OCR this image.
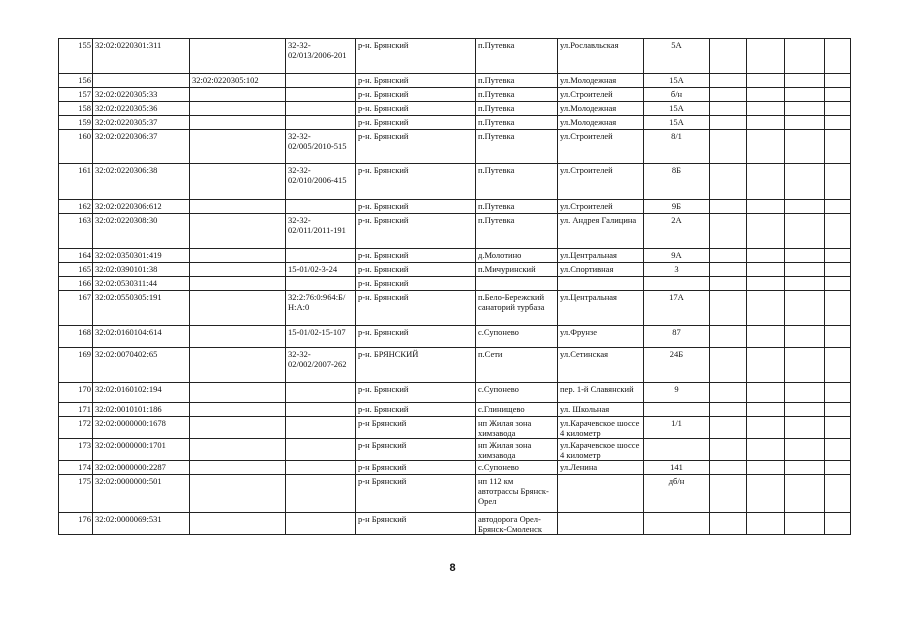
155	32:02:0220301:311		32-32-02/013/2006-201	р-н. Брянский	п.Путевка	ул.Рославльская	5А				
156		32:02:0220305:102		р-н. Брянский	п.Путевка	ул.Молодежная	15А				
157	32:02:0220305:33			р-н. Брянский	п.Путевка	ул.Строителей	б/н				
158	32:02:0220305:36			р-н. Брянский	п.Путевка	ул.Молодежная	15А				
159	32:02:0220305:37			р-н. Брянский	п.Путевка	ул.Молодежная	15А				
160	32:02:0220306:37		32-32-02/005/2010-515	р-н. Брянский	п.Путевка	ул.Строителей	8/1				
161	32:02:0220306:38		32-32-02/010/2006-415	р-н. Брянский	п.Путевка	ул.Строителей	8Б				
162	32:02:0220306:612			р-н. Брянский	п.Путевка	ул.Строителей	9Б				
163	32:02:0220308:30		32-32-02/011/2011-191	р-н. Брянский	п.Путевка	ул. Андрея Галицина	2А				
164	32:02:0350301:419			р-н. Брянский	д.Молотино	ул.Центральная	9А				
165	32:02:0390101:38		15-01/02-3-24	р-н. Брянский	п.Мичуринский	ул.Спортивная	3				
166	32:02:0530311:44			р-н. Брянский							
167	32:02:0550305:191		32:2:76:0:964:Б/Н:А:0	р-н. Брянский	п.Бело-Бережский санаторий турбаза	ул.Центральная	17А				
168	32:02:0160104:614		15-01/02-15-107	р-н. Брянский	с.Супонево	ул.Фрунзе	87				
169	32:02:0070402:65		32-32-02/002/2007-262	р-н. БРЯНСКИЙ	п.Сети	ул.Сетинская	24Б				
170	32:02:0160102:194			р-н. Брянский	с.Супонево	пер. 1-й Славянский	9				
171	32:02:0010101:186			р-н. Брянский	с.Глинищево	ул. Школьная					
172	32:02:0000000:1678			р-н Брянский	нп Жилая зона химзавода	ул.Карачевское шоссе 4 километр	1/1				
173	32:02:0000000:1701			р-н Брянский	нп Жилая зона химзавода	ул.Карачевское шоссе 4 километр					
174	32:02:0000000:2287			р-н Брянский	с.Супонево	ул.Ленина	141				
175	32:02:0000000:501			р-н Брянский	нп 112 км автотрассы Брянск-Орел		дб/н				
176	32:02:0000069:531			р-н Брянский	автодорога Орел-Брянск-Смоленск						
8
